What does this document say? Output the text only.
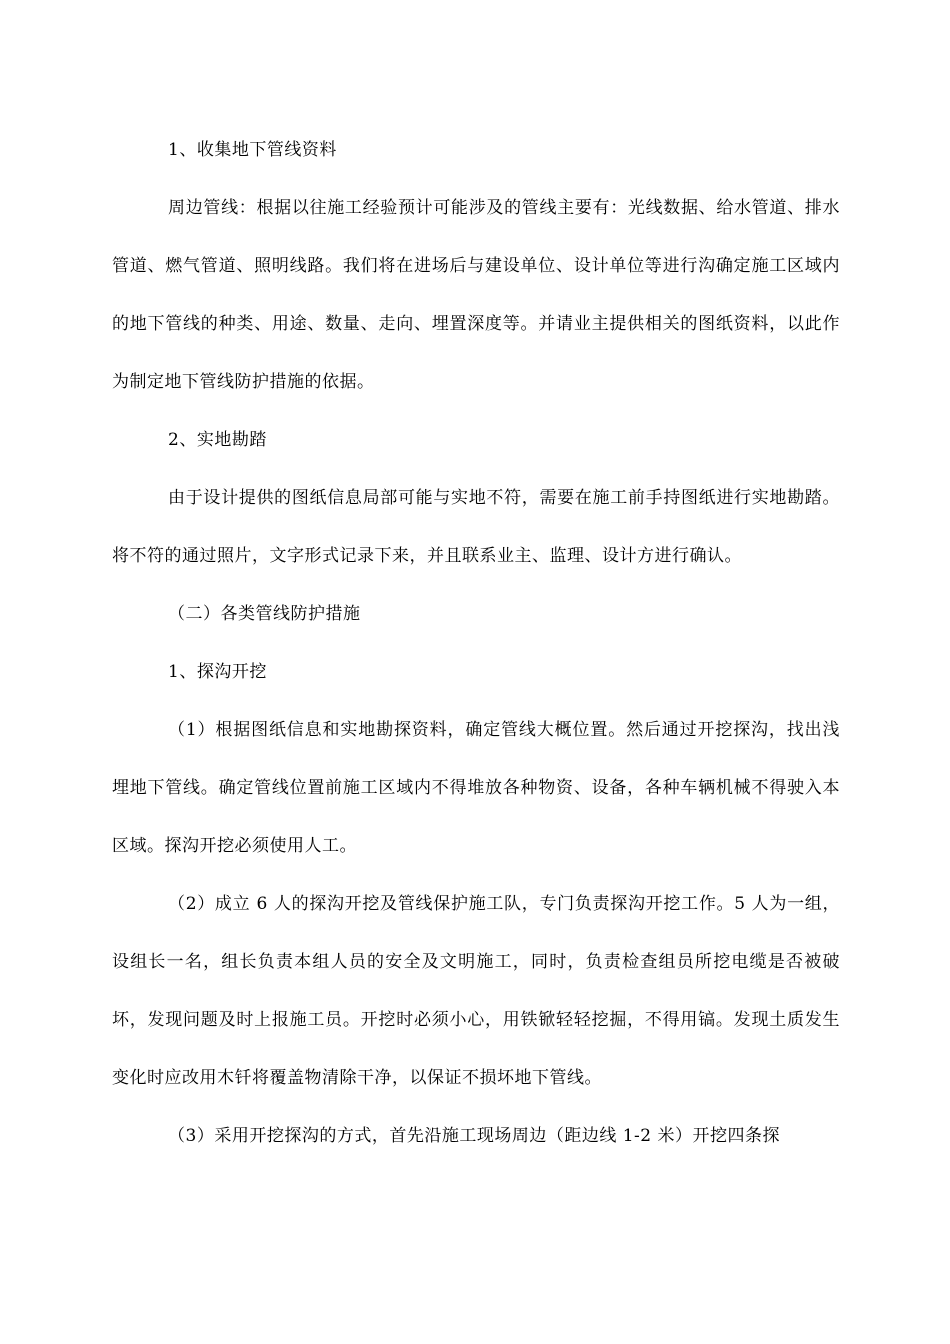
1、收集地下管线资料

周边管线：根据以往施工经验预计可能涉及的管线主要有：光线数据、给水管道、排水管道、燃气管道、照明线路。我们将在进场后与建设单位、设计单位等进行沟确定施工区域内的地下管线的种类、用途、数量、走向、埋置深度等。并请业主提供相关的图纸资料，以此作为制定地下管线防护措施的依据。

2、实地勘踏

由于设计提供的图纸信息局部可能与实地不符，需要在施工前手持图纸进行实地勘踏。将不符的通过照片，文字形式记录下来，并且联系业主、监理、设计方进行确认。

（二）各类管线防护措施

1、探沟开挖

（1）根据图纸信息和实地勘探资料，确定管线大概位置。然后通过开挖探沟，找出浅埋地下管线。确定管线位置前施工区域内不得堆放各种物资、设备，各种车辆机械不得驶入本区域。探沟开挖必须使用人工。

（2）成立 6 人的探沟开挖及管线保护施工队，专门负责探沟开挖工作。5 人为一组，设组长一名，组长负责本组人员的安全及文明施工，同时，负责检查组员所挖电缆是否被破坏，发现问题及时上报施工员。开挖时必须小心，用铁锨轻轻挖掘，不得用镐。发现土质发生变化时应改用木钎将覆盖物清除干净，以保证不损坏地下管线。

（3）采用开挖探沟的方式，首先沿施工现场周边（距边线 1-2 米）开挖四条探
